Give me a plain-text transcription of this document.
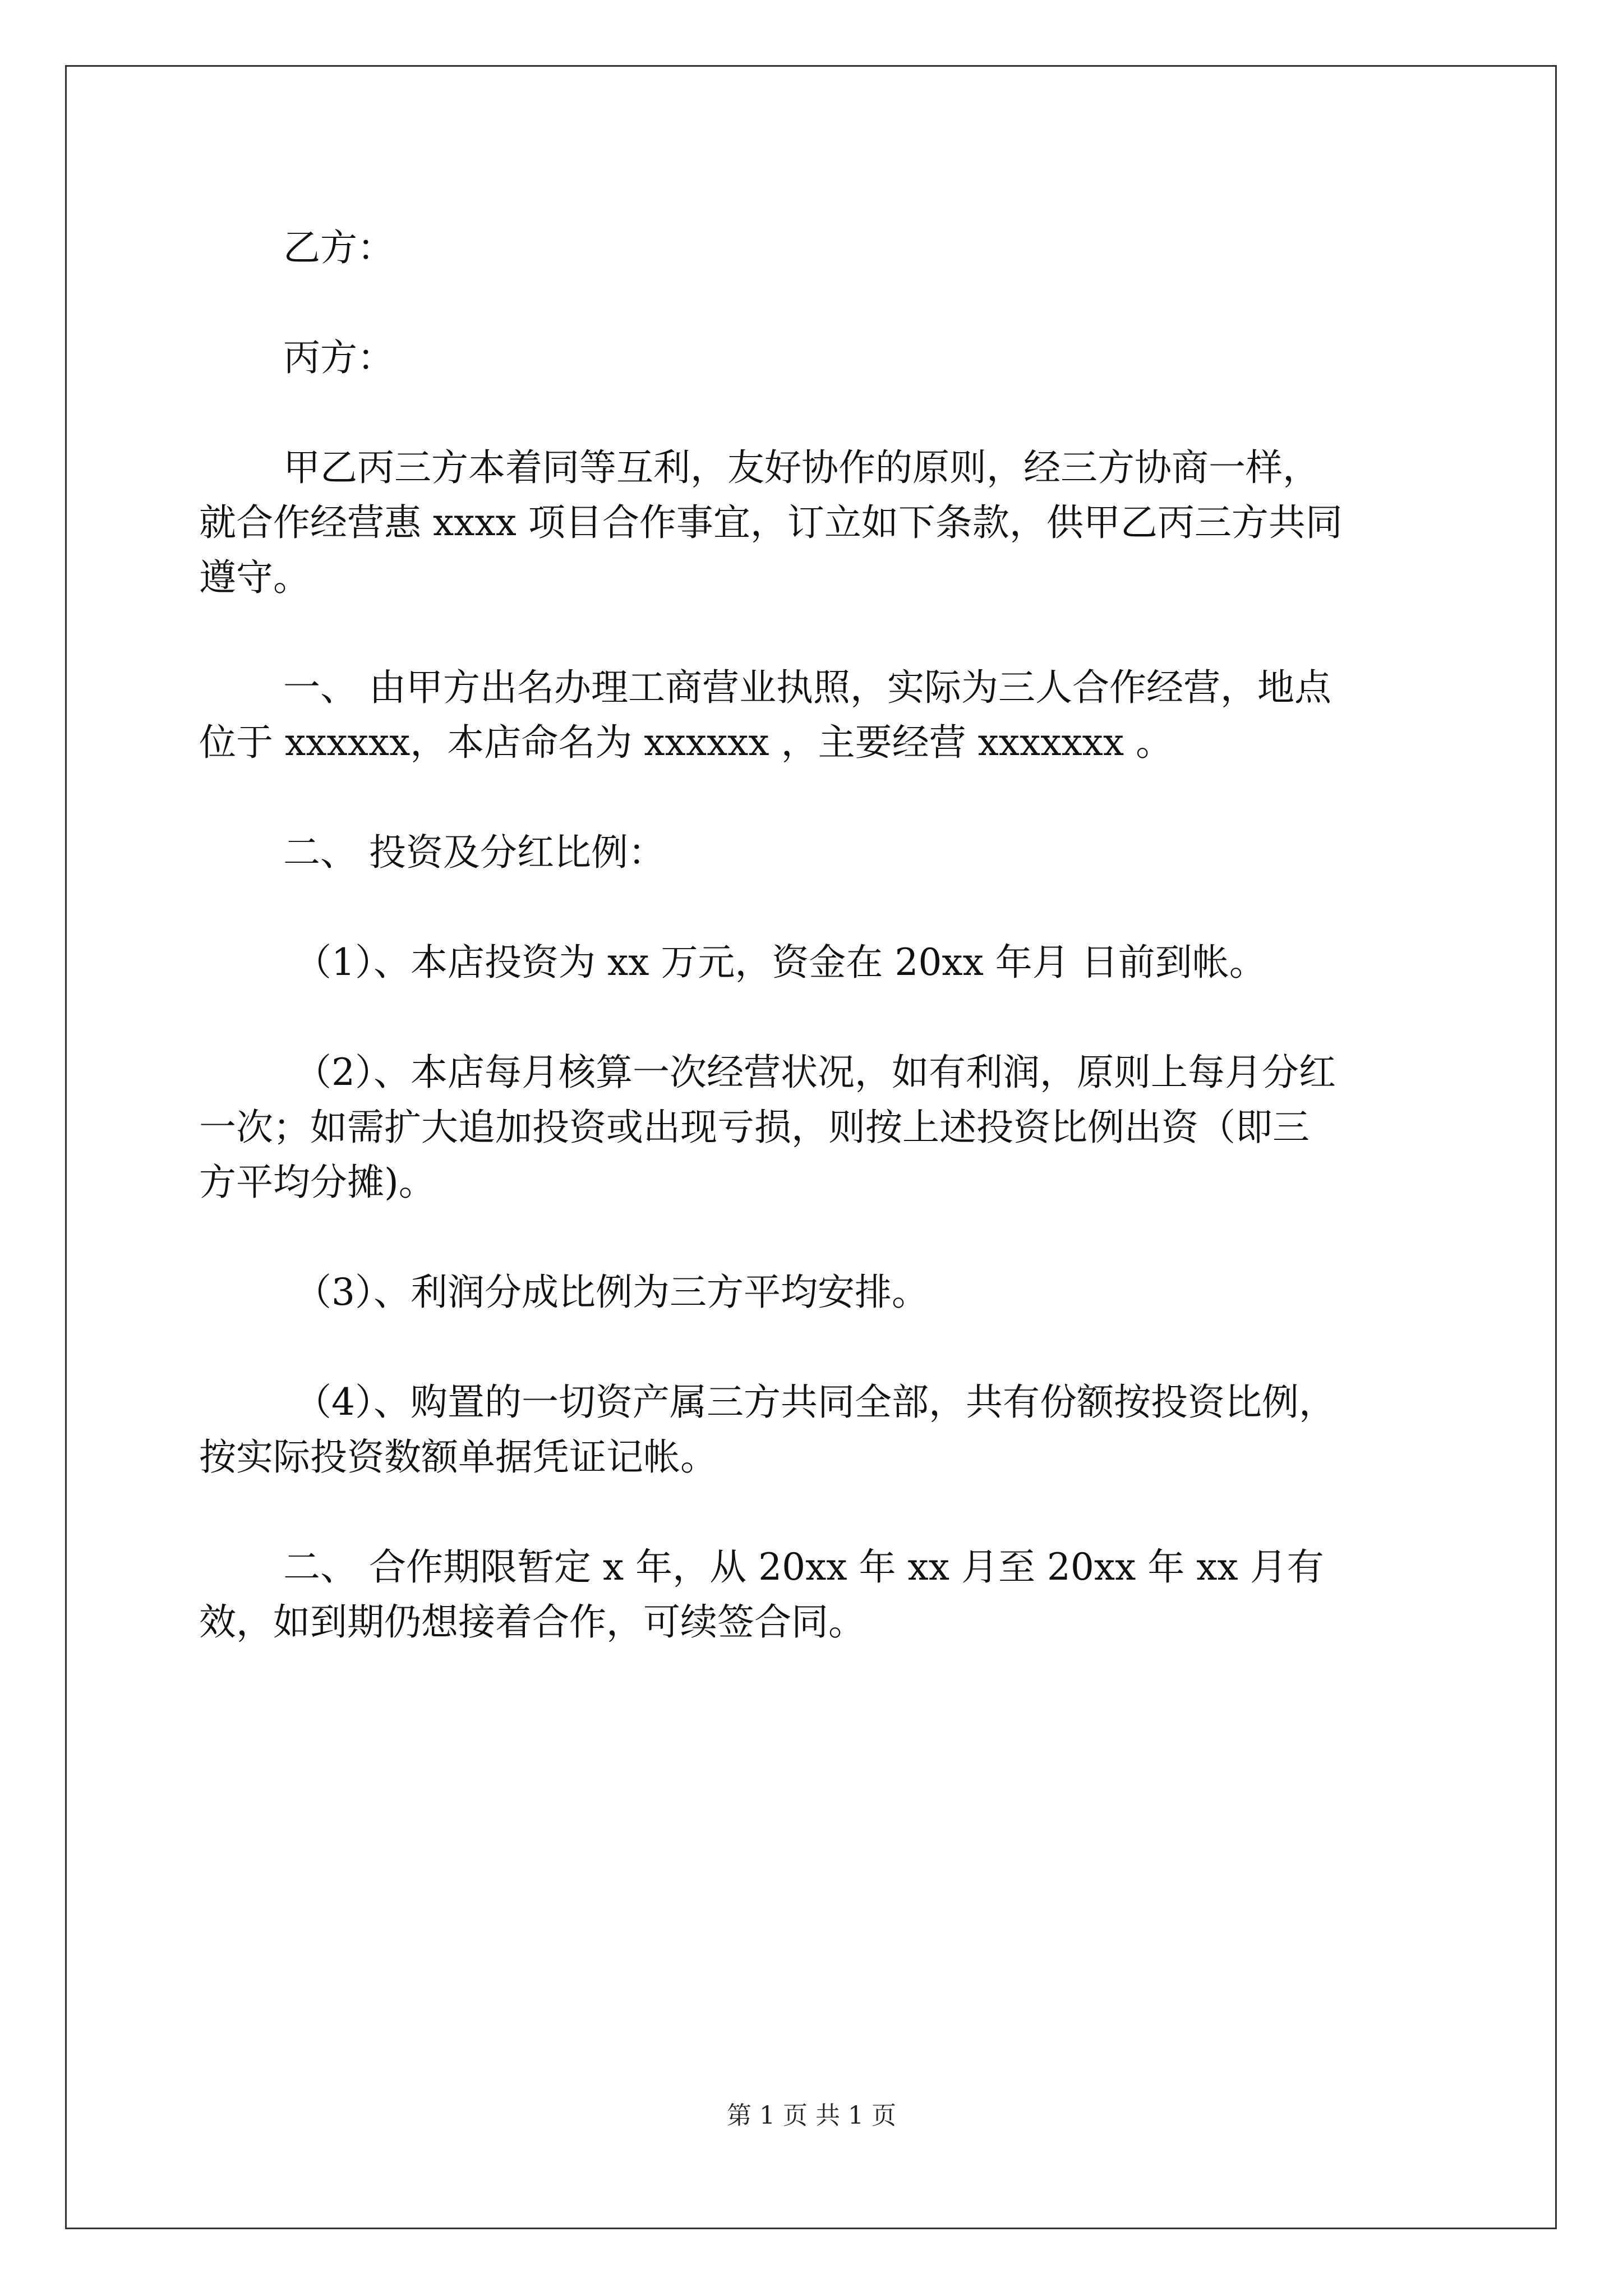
乙方：

丙方：

甲乙丙三方本着同等互利，友好协作的原则，经三方协商一样，
就合作经营惠 xxxx 项目合作事宜，订立如下条款，供甲乙丙三方共同
遵守。

一、 由甲方出名办理工商营业执照，实际为三人合作经营，地点
位于 xxxxxx，本店命名为 xxxxxx ，主要经营 xxxxxxx 。

二、 投资及分红比例：

（1）、本店投资为 xx 万元，资金在 20xx 年月 日前到帐。

（2）、本店每月核算一次经营状况，如有利润，原则上每月分红
一次；如需扩大追加投资或出现亏损，则按上述投资比例出资（即三
方平均分摊)。

（3）、利润分成比例为三方平均安排。

（4）、购置的一切资产属三方共同全部，共有份额按投资比例，
按实际投资数额单据凭证记帐。

二、 合作期限暂定 x 年，从 20xx 年 xx 月至 20xx 年 xx 月有
效，如到期仍想接着合作，可续签合同。

第 1 页 共 1 页
